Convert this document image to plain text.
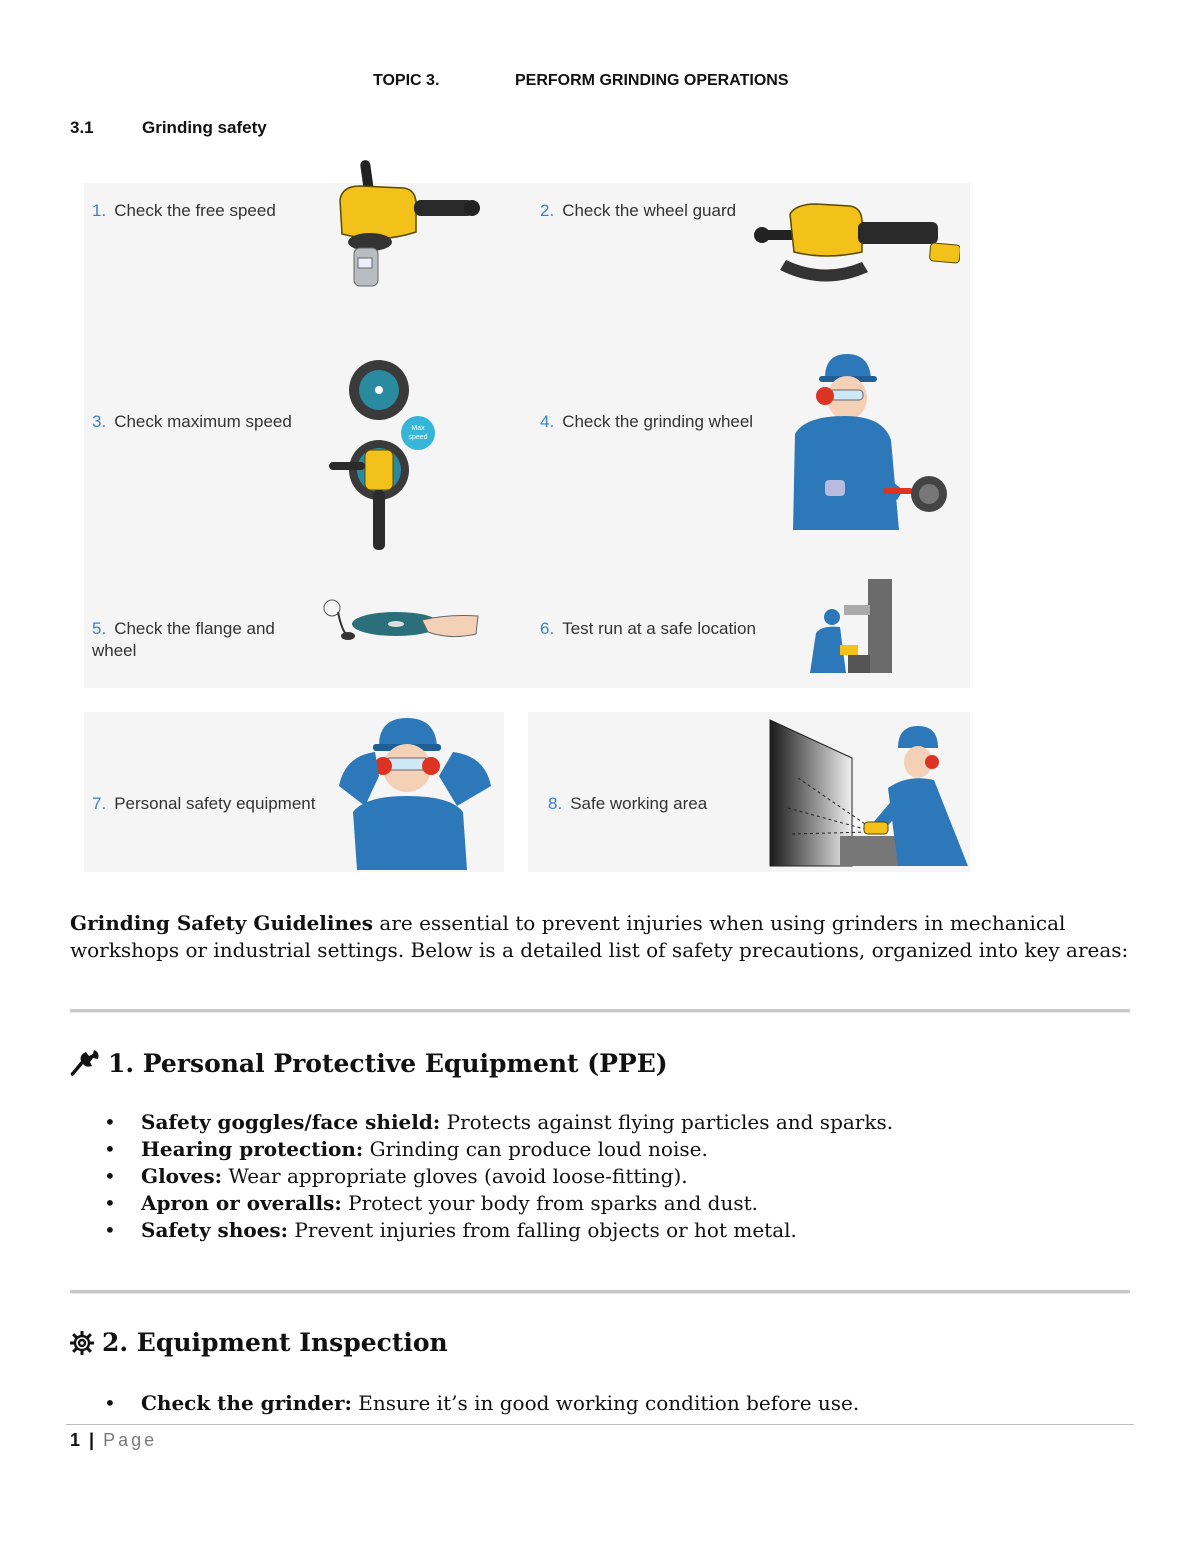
TOPIC 3.	PERFORM GRINDING OPERATIONS
3.1	Grinding safety
1. Check the free speed	2. Check the wheel guard
3. Check maximum speed	4. Check the grinding wheel
5. Check the flange and wheel
6. Test run at a safe location
7. Personal safety equipment	8. Safe working area
Max speed
Grinding Safety Guidelines are essential to prevent injuries when using grinders in mechanical workshops or industrial settings. Below is a detailed list of safety precautions, organized into key areas:
1. Personal Protective Equipment (PPE)
• Safety goggles/face shield: Protects against flying particles and sparks.
• Hearing protection: Grinding can produce loud noise.
• Gloves: Wear appropriate gloves (avoid loose-fitting).
• Apron or overalls: Protect your body from sparks and dust.
• Safety shoes: Prevent injuries from falling objects or hot metal.
2. Equipment Inspection
• Check the grinder: Ensure it’s in good working condition before use.
1 | Page
